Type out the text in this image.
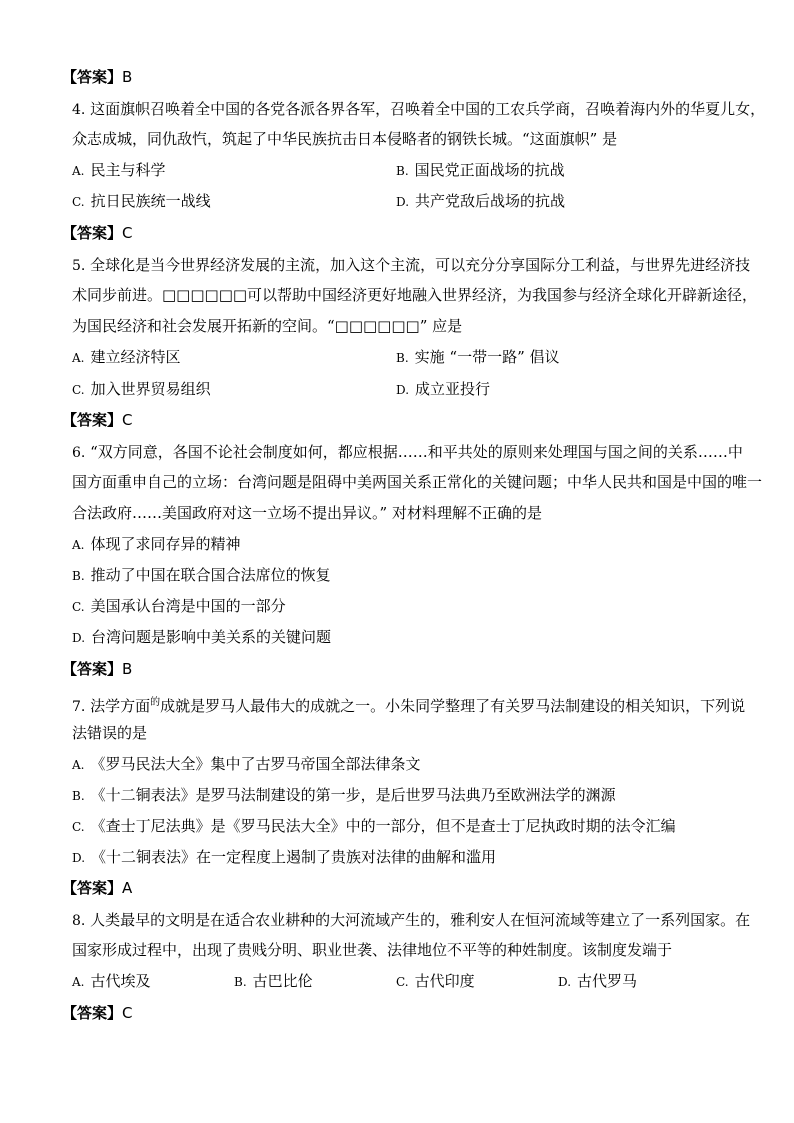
【答案】B
4. 这面旗帜召唤着全中国的各党各派各界各军，召唤着全中国的工农兵学商，召唤着海内外的华夏儿女，
众志成城，同仇敌忾，筑起了中华民族抗击日本侵略者的钢铁长城。“这面旗帜” 是
A. 民主与科学	B. 国民党正面战场的抗战
C. 抗日民族统一战线	D. 共产党敌后战场的抗战
【答案】C
5. 全球化是当今世界经济发展的主流，加入这个主流，可以充分分享国际分工利益，与世界先进经济技
术同步前进。□□□□□□可以帮助中国经济更好地融入世界经济，为我国参与经济全球化开辟新途径，
为国民经济和社会发展开拓新的空间。“□□□□□□” 应是
A. 建立经济特区	B. 实施 “一带一路” 倡议
C. 加入世界贸易组织	D. 成立亚投行
【答案】C
6. “双方同意，各国不论社会制度如何，都应根据……和平共处的原则来处理国与国之间的关系……中
国方面重申自己的立场：台湾问题是阻碍中美两国关系正常化的关键问题；中华人民共和国是中国的唯一
合法政府……美国政府对这一立场不提出异议。” 对材料理解不正确的是
A. 体现了求同存异的精神
B. 推动了中国在联合国合法席位的恢复
C. 美国承认台湾是中国的一部分
D. 台湾问题是影响中美关系的关键问题
【答案】B
7. 法学方面$^的$成就是罗马人最伟大的成就之一。小朱同学整理了有关罗马法制建设的相关知识，下列说
法错误的是
A. 《罗马民法大全》集中了古罗马帝国全部法律条文
B. 《十二铜表法》是罗马法制建设的第一步，是后世罗马法典乃至欧洲法学的渊源
C. 《查士丁尼法典》是《罗马民法大全》中的一部分，但不是查士丁尼执政时期的法令汇编
D. 《十二铜表法》在一定程度上遏制了贵族对法律的曲解和滥用
【答案】A
8. 人类最早的文明是在适合农业耕种的大河流域产生的，雅利安人在恒河流域等建立了一系列国家。在
国家形成过程中，出现了贵贱分明、职业世袭、法律地位不平等的种姓制度。该制度发端于
A. 古代埃及	B. 古巴比伦	C. 古代印度	D. 古代罗马
【答案】C
